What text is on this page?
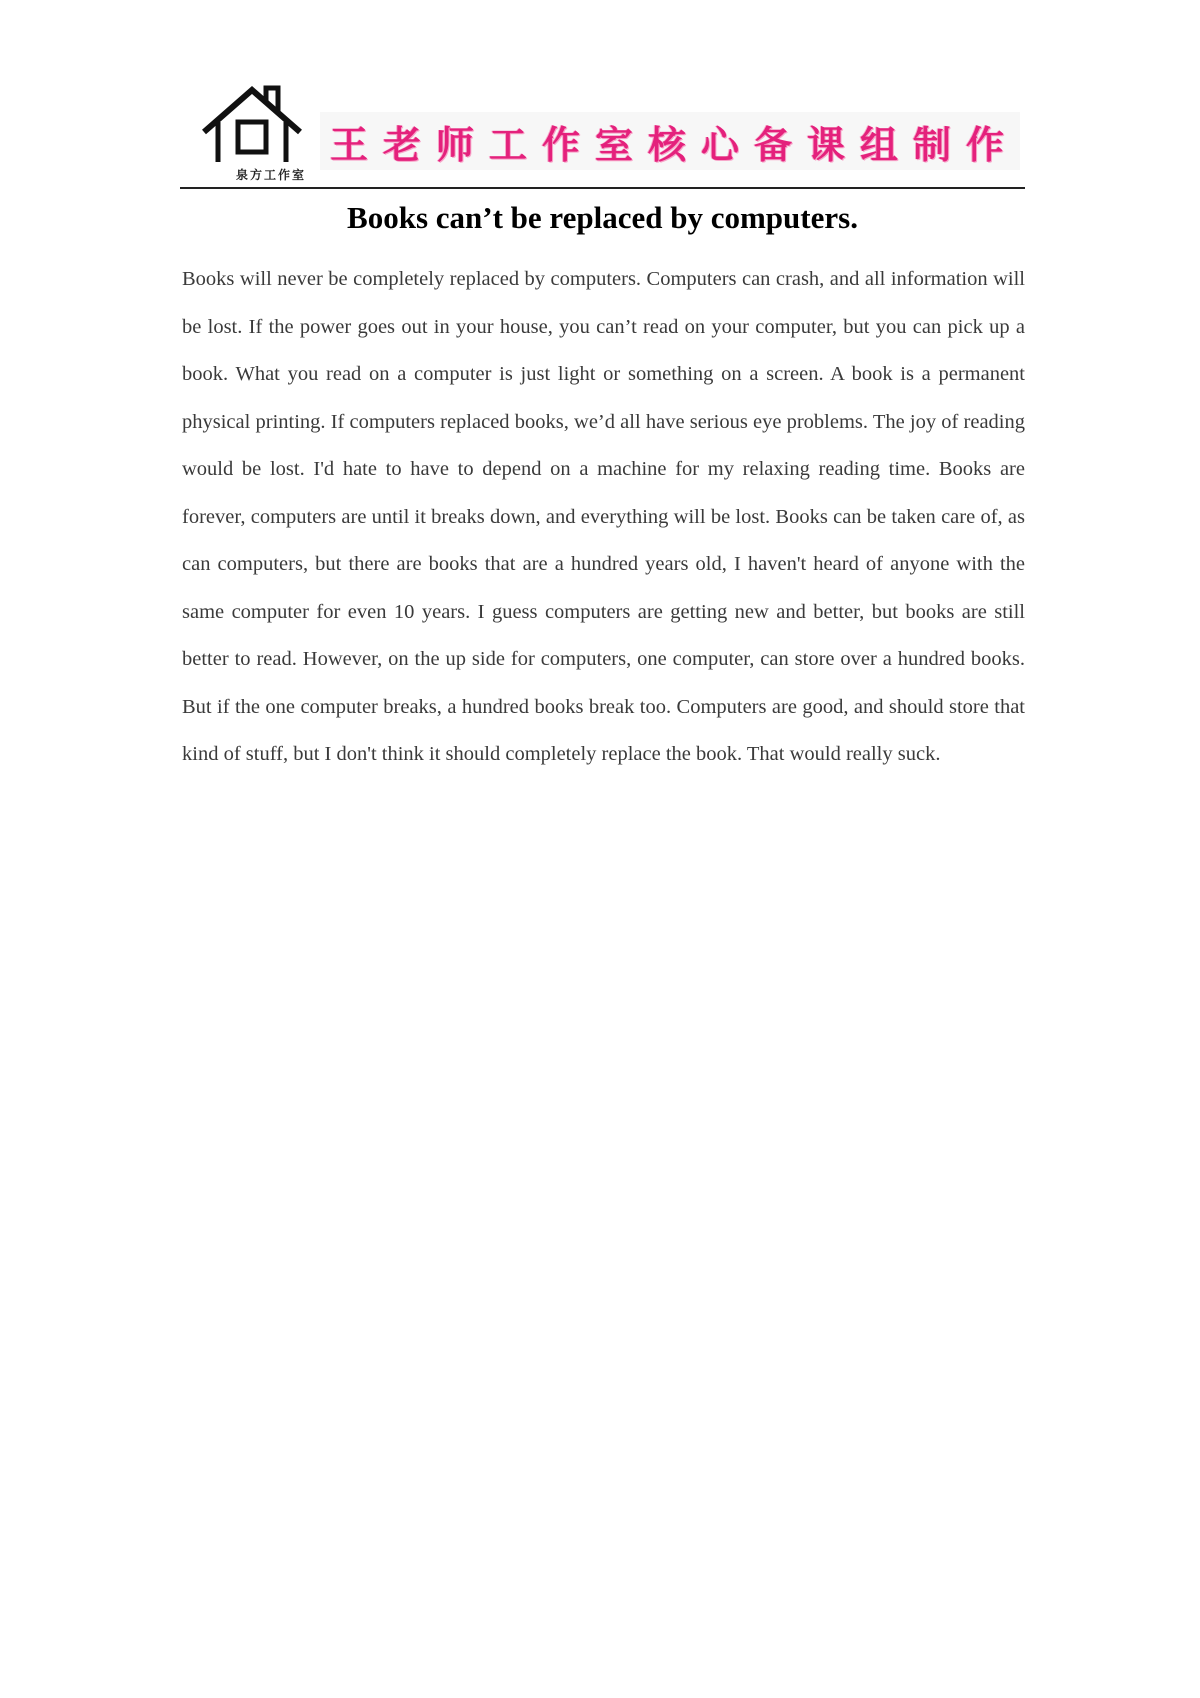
泉方工作室
王老师工作室核心备课组制作
Books can’t be replaced by computers.

Books will never be completely replaced by computers. Computers can crash, and all information will be lost. If the power goes out in your house, you can’t read on your computer, but you can pick up a book. What you read on a computer is just light or something on a screen. A book is a permanent physical printing. If computers replaced books, we’d all have serious eye problems. The joy of reading would be lost. I'd hate to have to depend on a machine for my relaxing reading time. Books are forever, computers are until it breaks down, and everything will be lost. Books can be taken care of, as can computers, but there are books that are a hundred years old, I haven't heard of anyone with the same computer for even 10 years. I guess computers are getting new and better, but books are still better to read. However, on the up side for computers, one computer, can store over a hundred books. But if the one computer breaks, a hundred books break too. Computers are good, and should store that kind of stuff, but I don't think it should completely replace the book. That would really suck.
